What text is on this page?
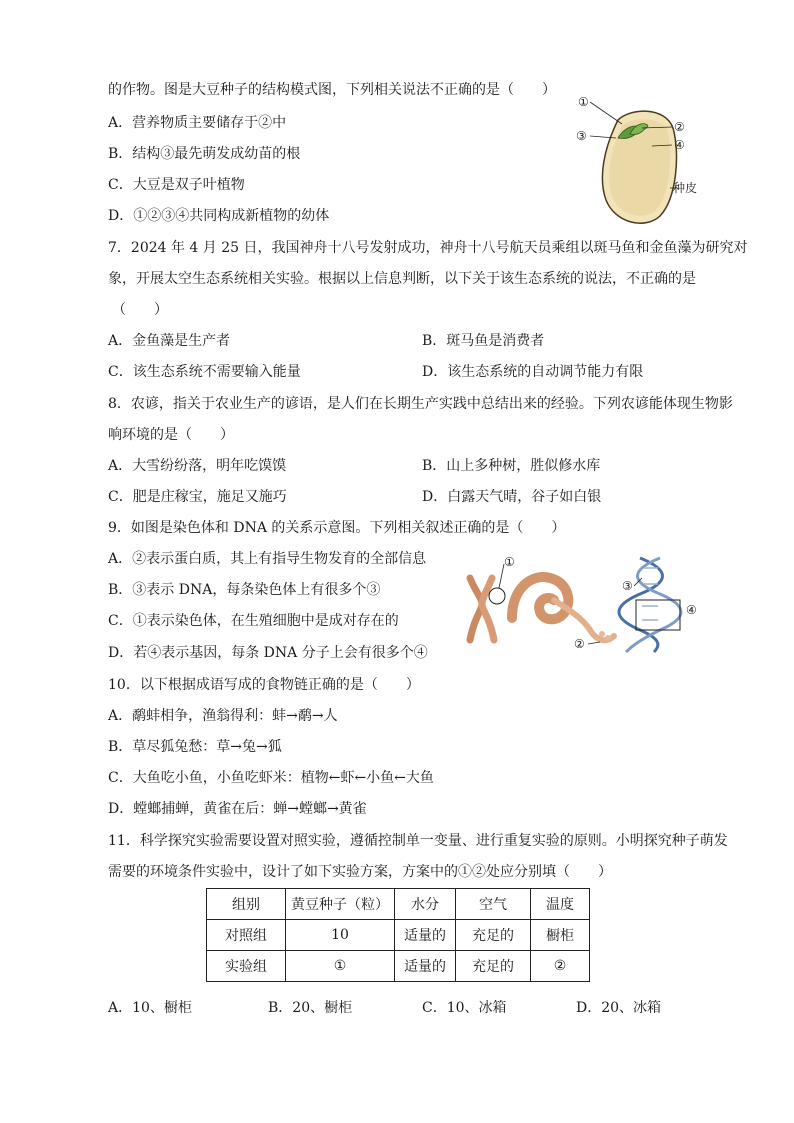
的作物。图是大豆种子的结构模式图，下列相关说法不正确的是（　　）
A．营养物质主要储存于②中
B．结构③最先萌发成幼苗的根
C．大豆是双子叶植物
D．①②③④共同构成新植物的幼体
①
②
③
④
种皮
7．2024 年 4 月 25 日，我国神舟十八号发射成功，神舟十八号航天员乘组以斑马鱼和金鱼藻为研究对
象，开展太空生态系统相关实验。根据以上信息判断，以下关于该生态系统的说法，不正确的是
（　　）
A．金鱼藻是生产者	B．斑马鱼是消费者
C．该生态系统不需要输入能量	D．该生态系统的自动调节能力有限
8．农谚，指关于农业生产的谚语，是人们在长期生产实践中总结出来的经验。下列农谚能体现生物影
响环境的是（　　）
A．大雪纷纷落，明年吃馍馍	B．山上多种树，胜似修水库
C．肥是庄稼宝，施足又施巧	D．白露天气晴，谷子如白银
9．如图是染色体和 DNA 的关系示意图。下列相关叙述正确的是（　　）
A．②表示蛋白质，其上有指导生物发育的全部信息
B．③表示 DNA，每条染色体上有很多个③
C．①表示染色体，在生殖细胞中是成对存在的
D．若④表示基因，每条 DNA 分子上会有很多个④
①
②
③
④
10．以下根据成语写成的食物链正确的是（　　）
A．鹬蚌相争，渔翁得利：蚌→鹬→人
B．草尽狐兔愁：草→兔→狐
C．大鱼吃小鱼，小鱼吃虾米：植物←虾←小鱼←大鱼
D．螳螂捕蝉，黄雀在后：蝉→螳螂→黄雀
11．科学探究实验需要设置对照实验，遵循控制单一变量、进行重复实验的原则。小明探究种子萌发
需要的环境条件实验中，设计了如下实验方案，方案中的①②处应分别填（　　）
组别	黄豆种子（粒）	水分	空气	温度
对照组	10	适量的	充足的	橱柜
实验组	①	适量的	充足的	②
A．10、橱柜	B．20、橱柜	C．10、冰箱	D．20、冰箱
